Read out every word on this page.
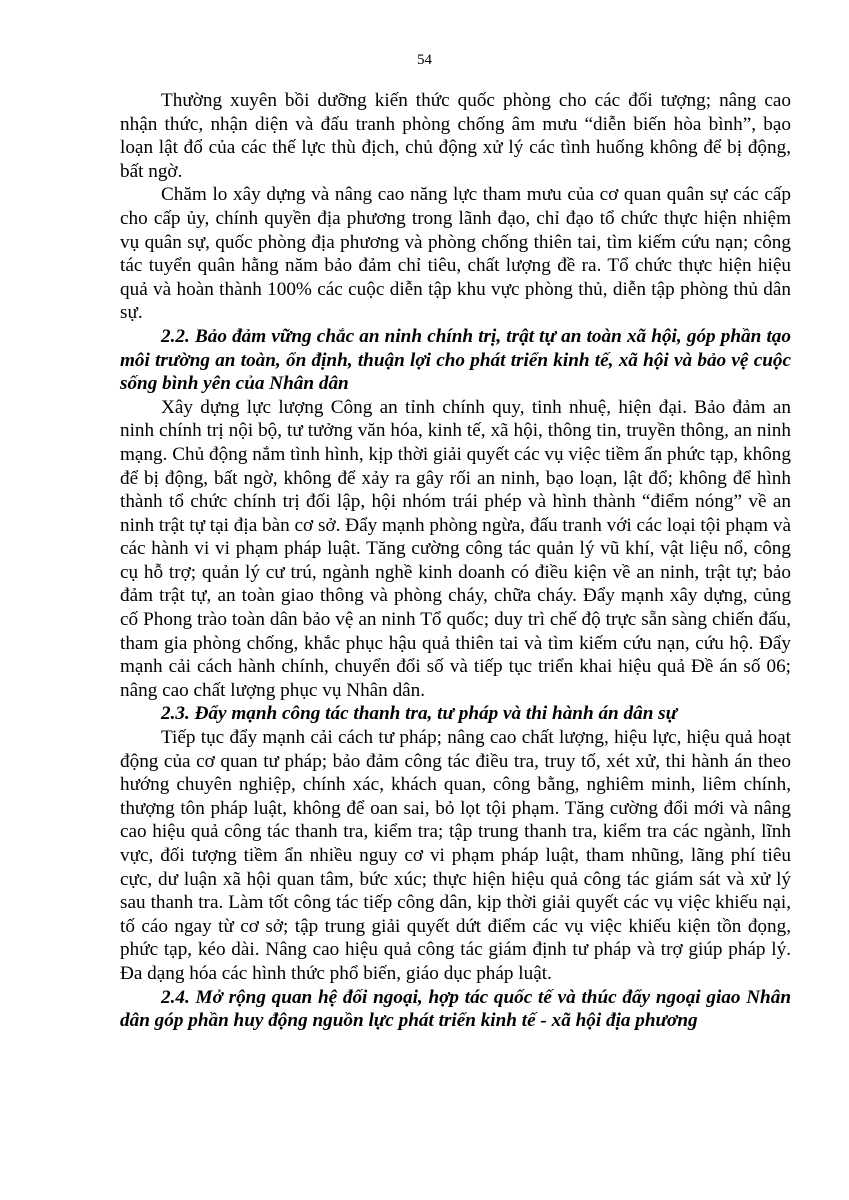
54

Thường xuyên bồi dưỡng kiến thức quốc phòng cho các đối tượng; nâng cao nhận thức, nhận diện và đấu tranh phòng chống âm mưu “diễn biến hòa bình”, bạo loạn lật đổ của các thế lực thù địch, chủ động xử lý các tình huống không để bị động, bất ngờ.

Chăm lo xây dựng và nâng cao năng lực tham mưu của cơ quan quân sự các cấp cho cấp ủy, chính quyền địa phương trong lãnh đạo, chỉ đạo tổ chức thực hiện nhiệm vụ quân sự, quốc phòng địa phương và phòng chống thiên tai, tìm kiếm cứu nạn; công tác tuyển quân hằng năm bảo đảm chỉ tiêu, chất lượng đề ra. Tổ chức thực hiện hiệu quả và hoàn thành 100% các cuộc diễn tập khu vực phòng thủ, diễn tập phòng thủ dân sự.

2.2. Bảo đảm vững chắc an ninh chính trị, trật tự an toàn xã hội, góp phần tạo môi trường an toàn, ổn định, thuận lợi cho phát triển kinh tế, xã hội và bảo vệ cuộc sống bình yên của Nhân dân

Xây dựng lực lượng Công an tỉnh chính quy, tinh nhuệ, hiện đại. Bảo đảm an ninh chính trị nội bộ, tư tưởng văn hóa, kinh tế, xã hội, thông tin, truyền thông, an ninh mạng. Chủ động nắm tình hình, kịp thời giải quyết các vụ việc tiềm ẩn phức tạp, không để bị động, bất ngờ, không để xảy ra gây rối an ninh, bạo loạn, lật đổ; không để hình thành tổ chức chính trị đối lập, hội nhóm trái phép và hình thành “điểm nóng” về an ninh trật tự tại địa bàn cơ sở. Đẩy mạnh phòng ngừa, đấu tranh với các loại tội phạm và các hành vi vi phạm pháp luật. Tăng cường công tác quản lý vũ khí, vật liệu nổ, công cụ hỗ trợ; quản lý cư trú, ngành nghề kinh doanh có điều kiện về an ninh, trật tự; bảo đảm trật tự, an toàn giao thông và phòng cháy, chữa cháy. Đẩy mạnh xây dựng, củng cố Phong trào toàn dân bảo vệ an ninh Tổ quốc; duy trì chế độ trực sẵn sàng chiến đấu, tham gia phòng chống, khắc phục hậu quả thiên tai và tìm kiếm cứu nạn, cứu hộ. Đẩy mạnh cải cách hành chính, chuyển đổi số và tiếp tục triển khai hiệu quả Đề án số 06; nâng cao chất lượng phục vụ Nhân dân.

2.3. Đẩy mạnh công tác thanh tra, tư pháp và thi hành án dân sự

Tiếp tục đẩy mạnh cải cách tư pháp; nâng cao chất lượng, hiệu lực, hiệu quả hoạt động của cơ quan tư pháp; bảo đảm công tác điều tra, truy tố, xét xử, thi hành án theo hướng chuyên nghiệp, chính xác, khách quan, công bằng, nghiêm minh, liêm chính, thượng tôn pháp luật, không để oan sai, bỏ lọt tội phạm. Tăng cường đổi mới và nâng cao hiệu quả công tác thanh tra, kiểm tra; tập trung thanh tra, kiểm tra các ngành, lĩnh vực, đối tượng tiềm ẩn nhiều nguy cơ vi phạm pháp luật, tham nhũng, lãng phí tiêu cực, dư luận xã hội quan tâm, bức xúc; thực hiện hiệu quả công tác giám sát và xử lý sau thanh tra. Làm tốt công tác tiếp công dân, kịp thời giải quyết các vụ việc khiếu nại, tố cáo ngay từ cơ sở; tập trung giải quyết dứt điểm các vụ việc khiếu kiện tồn đọng, phức tạp, kéo dài. Nâng cao hiệu quả công tác giám định tư pháp và trợ giúp pháp lý. Đa dạng hóa các hình thức phổ biến, giáo dục pháp luật.

2.4. Mở rộng quan hệ đối ngoại, hợp tác quốc tế và thúc đẩy ngoại giao Nhân dân góp phần huy động nguồn lực phát triển kinh tế - xã hội địa phương
